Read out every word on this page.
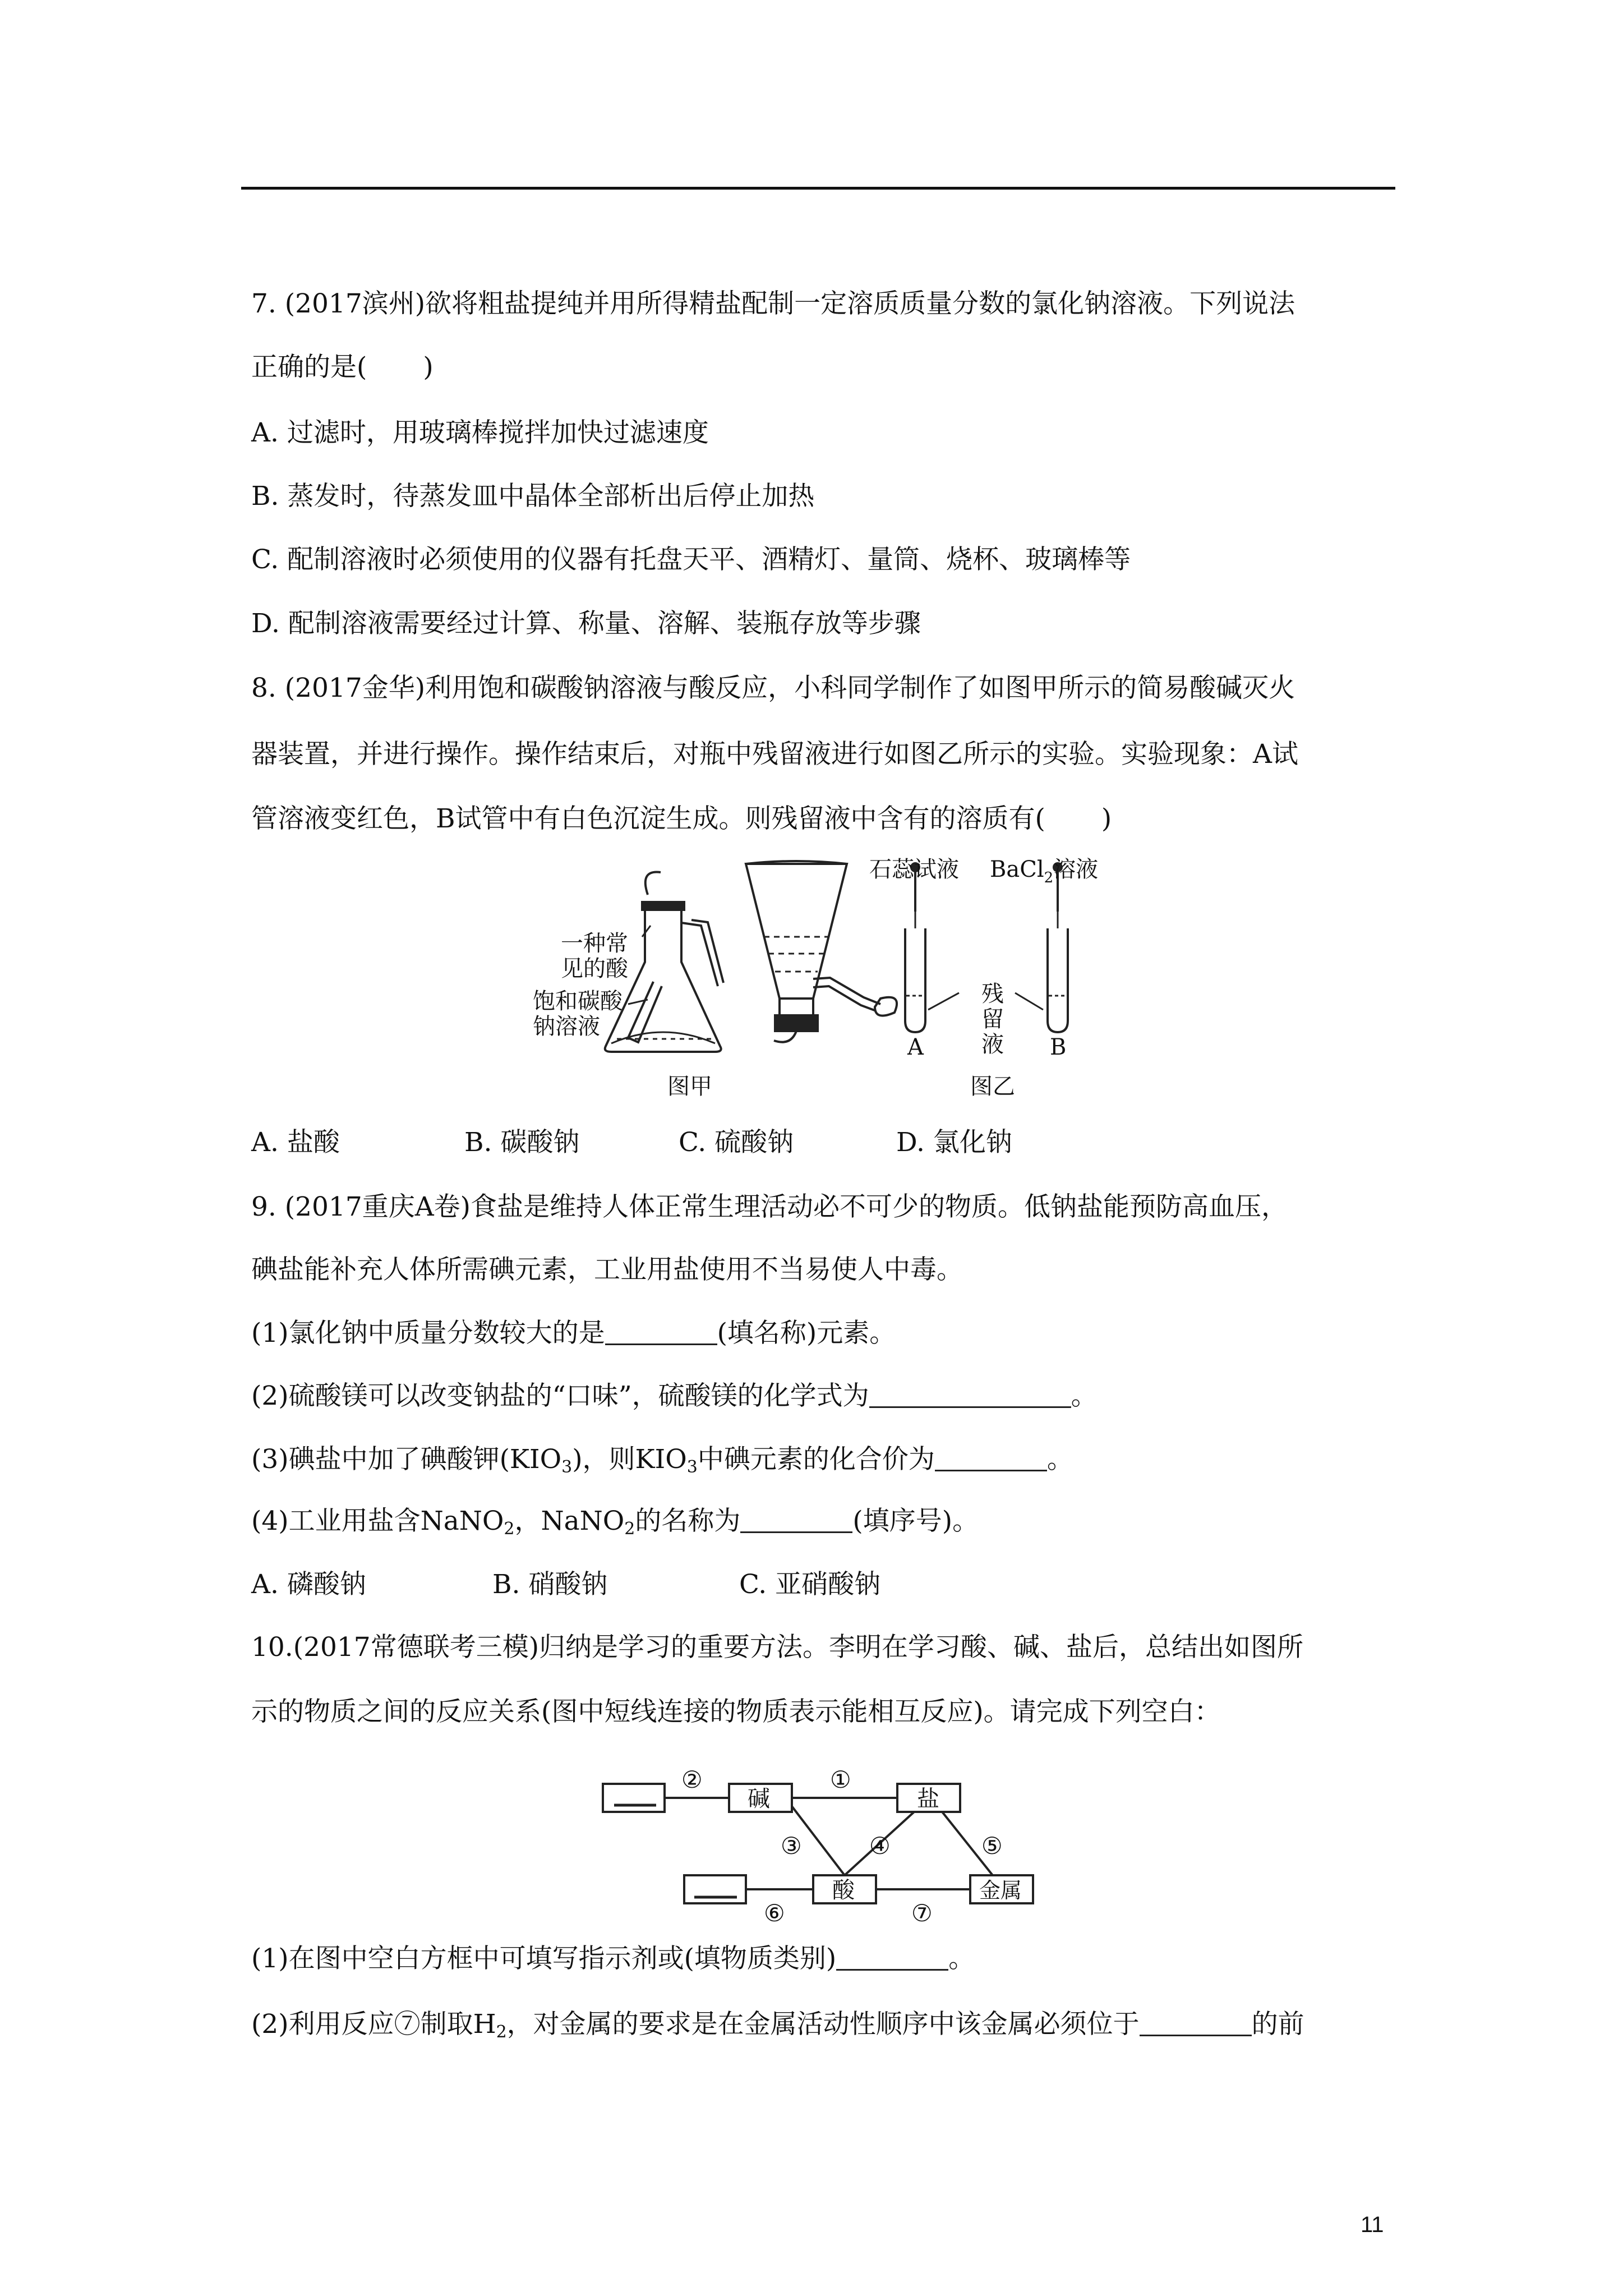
7. (2017滨州)欲将粗盐提纯并用所得精盐配制一定溶质质量分数的氯化钠溶液。下列说法
正确的是( )
A. 过滤时，用玻璃棒搅拌加快过滤速度
B. 蒸发时，待蒸发皿中晶体全部析出后停止加热
C. 配制溶液时必须使用的仪器有托盘天平、酒精灯、量筒、烧杯、玻璃棒等
D. 配制溶液需要经过计算、称量、溶解、装瓶存放等步骤
8. (2017金华)利用饱和碳酸钠溶液与酸反应，小科同学制作了如图甲所示的简易酸碱灭火
器装置，并进行操作。操作结束后，对瓶中残留液进行如图乙所示的实验。实验现象：A试
管溶液变红色，B试管中有白色沉淀生成。则残留液中含有的溶质有( )
石蕊试液 BaCl$_2$溶液
一种常
见的酸
饱和碳酸
钠溶液
残
留
液
A	B
图甲	图乙
A. 盐酸	B. 碳酸钠	C. 硫酸钠	D. 氯化钠
9. (2017重庆A卷)食盐是维持人体正常生理活动必不可少的物质。低钠盐能预防高血压，
碘盐能补充人体所需碘元素，工业用盐使用不当易使人中毒。
(1)氯化钠中质量分数较大的是	(填名称)元素。
(2)硫酸镁可以改变钠盐的“口味”，硫酸镁的化学式为	。
(3)碘盐中加了碘酸钾$(KIO_3)$，则$KIO_3$中碘元素的化合价为	。
(4)工业用盐含NaNO$_2$，NaNO$_2$的名称为	(填序号)。
A. 磷酸钠	B. 硝酸钠	C. 亚硝酸钠
10.(2017常德联考三模)归纳是学习的重要方法。李明在学习酸、碱、盐后，总结出如图所
示的物质之间的反应关系(图中短线连接的物质表示能相互反应)。请完成下列空白：
碱	盐
酸	金属
①
②
③	④	⑤
⑥	⑦
(1)在图中空白方框中可填写指示剂或(填物质类别)	。
(2)利用反应⑦制取$H_2$，对金属的要求是在金属活动性顺序中该金属必须位于	的前
11
